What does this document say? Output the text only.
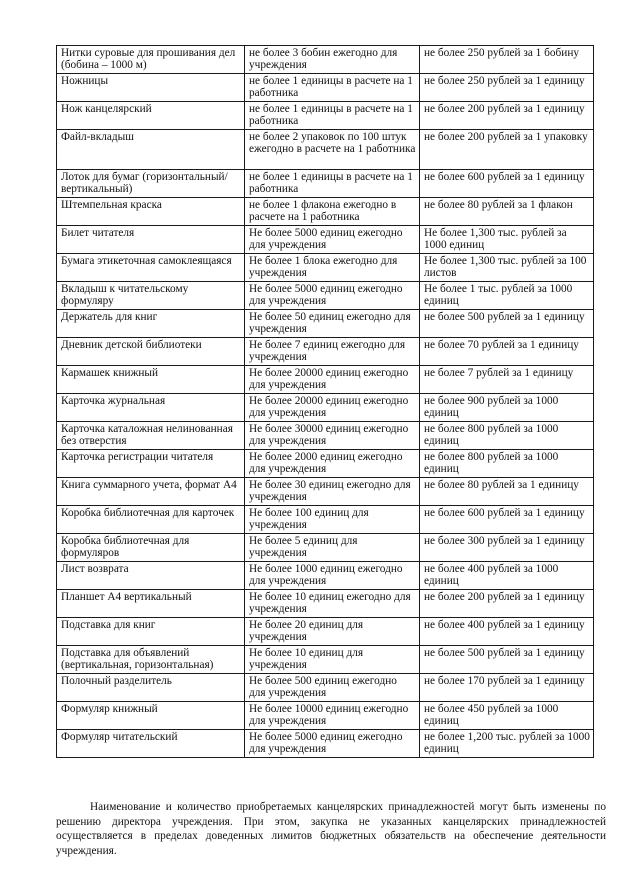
Нитки суровые для прошивания дел (бобина – 1000 м)	не более 3 бобин ежегодно для учреждения	не более 250 рублей за 1 бобину
Ножницы	не более 1 единицы в расчете на 1 работника	не более 250 рублей за 1 единицу
Нож канцелярский	не более 1 единицы в расчете на 1 работника	не более 200 рублей за 1 единицу
Файл-вкладыш	не более 2 упаковок по 100 штук ежегодно в расчете на 1 работника	не более 200 рублей за 1 упаковку
Лоток для бумаг (горизонтальный/вертикальный)	не более 1 единицы в расчете на 1 работника	не более 600 рублей за 1 единицу
Штемпельная краска	не более 1 флакона ежегодно в расчете на 1 работника	не более 80 рублей за 1 флакон
Билет читателя	Не более 5000 единиц ежегодно для учреждения	Не более 1,300 тыс. рублей за 1000 единиц
Бумага этикеточная самоклеящаяся	Не более 1 блока ежегодно для учреждения	Не более 1,300 тыс. рублей за 100 листов
Вкладыш к читательскому формуляру	Не более 5000 единиц ежегодно для учреждения	Не более 1 тыс. рублей за 1000 единиц
Держатель для книг	Не более 50 единиц ежегодно для учреждения	не более 500 рублей за 1 единицу
Дневник детской библиотеки	Не более 7 единиц ежегодно для учреждения	не более 70 рублей за 1 единицу
Кармашек книжный	Не более 20000 единиц ежегодно для учреждения	не более 7 рублей за 1 единицу
Карточка журнальная	Не более 20000 единиц ежегодно для учреждения	не более 900 рублей за 1000 единиц
Карточка каталожная нелинованная без отверстия	Не более 30000 единиц ежегодно для учреждения	не более 800 рублей за 1000 единиц
Карточка регистрации читателя	Не более 2000 единиц ежегодно для учреждения	не более 800 рублей за 1000 единиц
Книга суммарного учета, формат А4	Не более 30 единиц ежегодно для учреждения	не более 80 рублей за 1 единицу
Коробка библиотечная для карточек	Не более 100 единиц для учреждения	не более 600 рублей за 1 единицу
Коробка библиотечная для формуляров	Не более 5 единиц для учреждения	не более 300 рублей за 1 единицу
Лист возврата	Не более 1000 единиц ежегодно для учреждения	не более 400 рублей за 1000 единиц
Планшет А4 вертикальный	Не более 10 единиц ежегодно для учреждения	не более 200 рублей за 1 единицу
Подставка для книг	Не более 20 единиц для учреждения	не более 400 рублей за 1 единицу
Подставка для объявлений (вертикальная, горизонтальная)	Не более 10 единиц для учреждения	не более 500 рублей за 1 единицу
Полочный разделитель	Не более 500 единиц ежегодно для учреждения	не более 170 рублей за 1 единицу
Формуляр книжный	Не более 10000 единиц ежегодно для учреждения	не более 450 рублей за 1000 единиц
Формуляр читательский	Не более 5000 единиц ежегодно для учреждения	не более 1,200 тыс. рублей за 1000 единиц

Наименование и количество приобретаемых канцелярских принадлежностей могут быть изменены по решению директора учреждения. При этом, закупка не указанных канцелярских принадлежностей осуществляется в пределах доведенных лимитов бюджетных обязательств на обеспечение деятельности учреждения.
